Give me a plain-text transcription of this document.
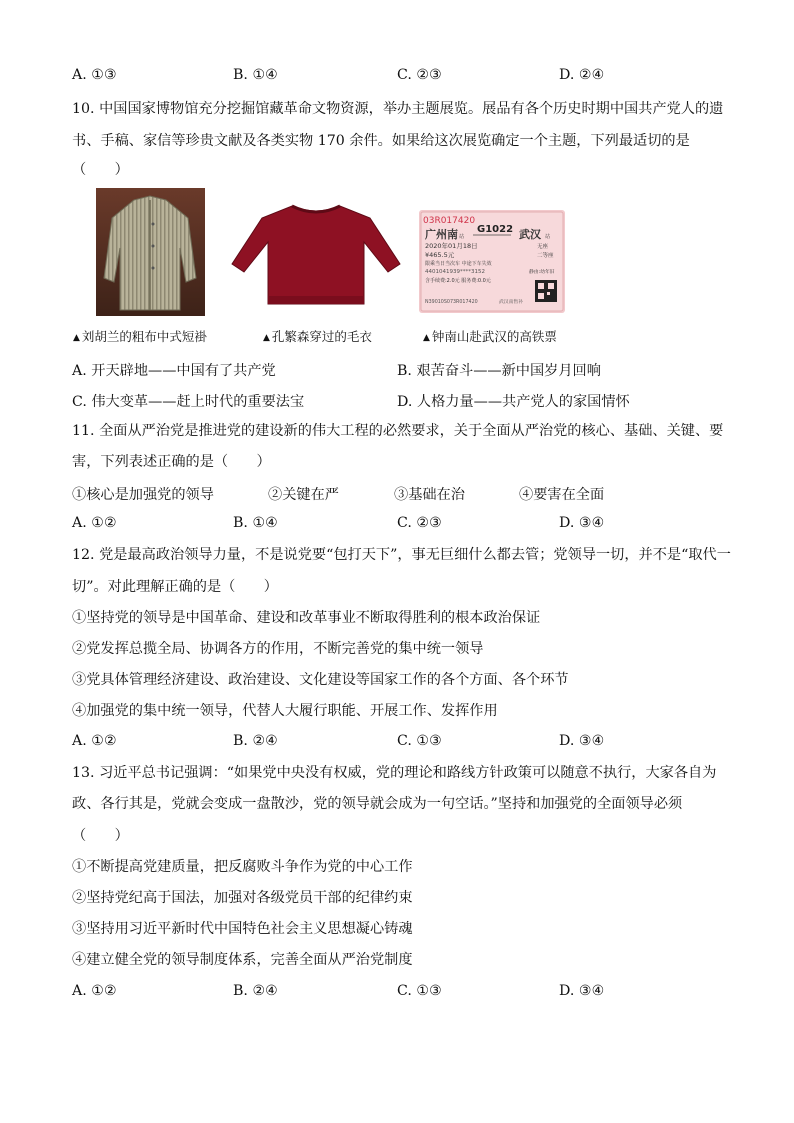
A. ①③	B. ①④	C. ②③	D. ②④
10. 中国国家博物馆充分挖掘馆藏革命文物资源，举办主题展览。展品有各个历史时期中国共产党人的遗
书、手稿、家信等珍贵文献及各类实物 170 余件。如果给这次展览确定一个主题，下列最适切的是
（　　）
03R017420
广州南 站
G1022 武汉 站
2020年01月18日	无座
¥465.5元	二等座
限乘当日当次车 中途下车失效
4401041939****3152
含手续费:2.0元 服务费:0.0元
静由:幼年旧
N39010S073R017420	武汉南售补
▲ 刘胡兰的粗布中式短褂	▲ 孔繁森穿过的毛衣	▲ 钟南山赴武汉的高铁票
A. 开天辟地——中国有了共产党	B. 艰苦奋斗——新中国岁月回响
C. 伟大变革——赶上时代的重要法宝	D. 人格力量——共产党人的家国情怀
11. 全面从严治党是推进党的建设新的伟大工程的必然要求，关于全面从严治党的核心、基础、关键、要
害，下列表述正确的是（　　）
①核心是加强党的领导	②关键在严	③基础在治	④要害在全面
A. ①②	B. ①④	C. ②③	D. ③④
12. 党是最高政治领导力量，不是说党要“包打天下”，事无巨细什么都去管；党领导一切，并不是“取代一
切”。对此理解正确的是（　　）
①坚持党的领导是中国革命、建设和改革事业不断取得胜利的根本政治保证
②党发挥总揽全局、协调各方的作用，不断完善党的集中统一领导
③党具体管理经济建设、政治建设、文化建设等国家工作的各个方面、各个环节
④加强党的集中统一领导，代替人大履行职能、开展工作、发挥作用
A. ①②	B. ②④	C. ①③	D. ③④
13. 习近平总书记强调：“如果党中央没有权威，党的理论和路线方针政策可以随意不执行，大家各自为
政、各行其是，党就会变成一盘散沙，党的领导就会成为一句空话。”坚持和加强党的全面领导必须
（　　）
①不断提高党建质量，把反腐败斗争作为党的中心工作
②坚持党纪高于国法，加强对各级党员干部的纪律约束
③坚持用习近平新时代中国特色社会主义思想凝心铸魂
④建立健全党的领导制度体系，完善全面从严治党制度
A. ①②	B. ②④	C. ①③	D. ③④
